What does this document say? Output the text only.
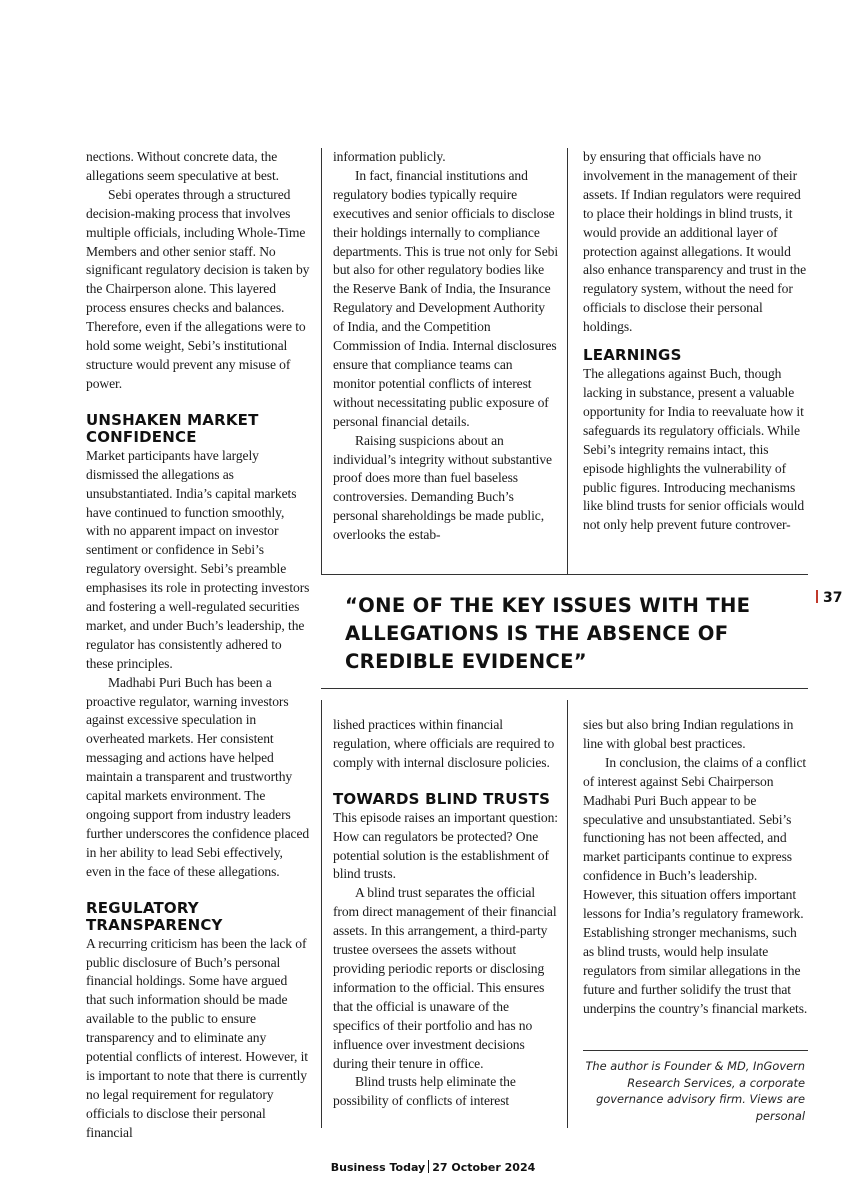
nections. Without concrete data, the allegations seem speculative at best.

Sebi operates through a structured decision-making process that involves multiple officials, including Whole-Time Members and other senior staff. No significant regulatory decision is taken by the Chairperson alone. This layered process ensures checks and balances. Therefore, even if the allegations were to hold some weight, Sebi’s institutional structure would prevent any misuse of power.

UNSHAKEN MARKET CONFIDENCE

Market participants have largely dismissed the allegations as unsubstantiated. India’s capital markets have continued to function smoothly, with no apparent impact on investor sentiment or confidence in Sebi’s regulatory oversight. Sebi’s preamble emphasises its role in protecting investors and fostering a well-regulated securities market, and under Buch’s leadership, the regulator has consistently adhered to these principles.

Madhabi Puri Buch has been a proactive regulator, warning investors against excessive speculation in overheated markets. Her consistent messaging and actions have helped maintain a transparent and trustworthy capital markets environment. The ongoing support from industry leaders further underscores the confidence placed in her ability to lead Sebi effectively, even in the face of these allegations.

REGULATORY TRANSPARENCY

A recurring criticism has been the lack of public disclosure of Buch’s personal financial holdings. Some have argued that such information should be made available to the public to ensure transparency and to eliminate any potential conflicts of interest. However, it is important to note that there is currently no legal requirement for regulatory officials to disclose their personal financial

information publicly.

In fact, financial institutions and regulatory bodies typically require executives and senior officials to disclose their holdings internally to compliance departments. This is true not only for Sebi but also for other regulatory bodies like the Reserve Bank of India, the Insurance Regulatory and Development Authority of India, and the Competition Commission of India. Internal disclosures ensure that compliance teams can monitor potential conflicts of interest without necessitating public exposure of personal financial details.

Raising suspicions about an individual’s integrity without substantive proof does more than fuel baseless controversies. Demanding Buch’s personal shareholdings be made public, overlooks the estab-

by ensuring that officials have no involvement in the management of their assets. If Indian regulators were required to place their holdings in blind trusts, it would provide an additional layer of protection against allegations. It would also enhance transparency and trust in the regulatory system, without the need for officials to disclose their personal holdings.

LEARNINGS

The allegations against Buch, though lacking in substance, present a valuable opportunity for India to reevaluate how it safeguards its regulatory officials. While Sebi’s integrity remains intact, this episode highlights the vulnerability of public figures. Introducing mechanisms like blind trusts for senior officials would not only help prevent future controver-

“ONE OF THE KEY ISSUES WITH THE ALLEGATIONS IS THE ABSENCE OF CREDIBLE EVIDENCE”
37

lished practices within financial regulation, where officials are required to comply with internal disclosure policies.

TOWARDS BLIND TRUSTS

This episode raises an important question: How can regulators be protected? One potential solution is the establishment of blind trusts.

A blind trust separates the official from direct management of their financial assets. In this arrangement, a third-party trustee oversees the assets without providing periodic reports or disclosing information to the official. This ensures that the official is unaware of the specifics of their portfolio and has no influence over investment decisions during their tenure in office.

Blind trusts help eliminate the possibility of conflicts of interest

sies but also bring Indian regulations in line with global best practices.

In conclusion, the claims of a conflict of interest against Sebi Chairperson Madhabi Puri Buch appear to be speculative and unsubstantiated. Sebi’s functioning has not been affected, and market participants continue to express confidence in Buch’s leadership. However, this situation offers important lessons for India’s regulatory framework. Establishing stronger mechanisms, such as blind trusts, would help insulate regulators from similar allegations in the future and further solidify the trust that underpins the country’s financial markets.

The author is Founder & MD, InGovern Research Services, a corporate governance advisory firm. Views are personal
Business Today 27 October 2024
